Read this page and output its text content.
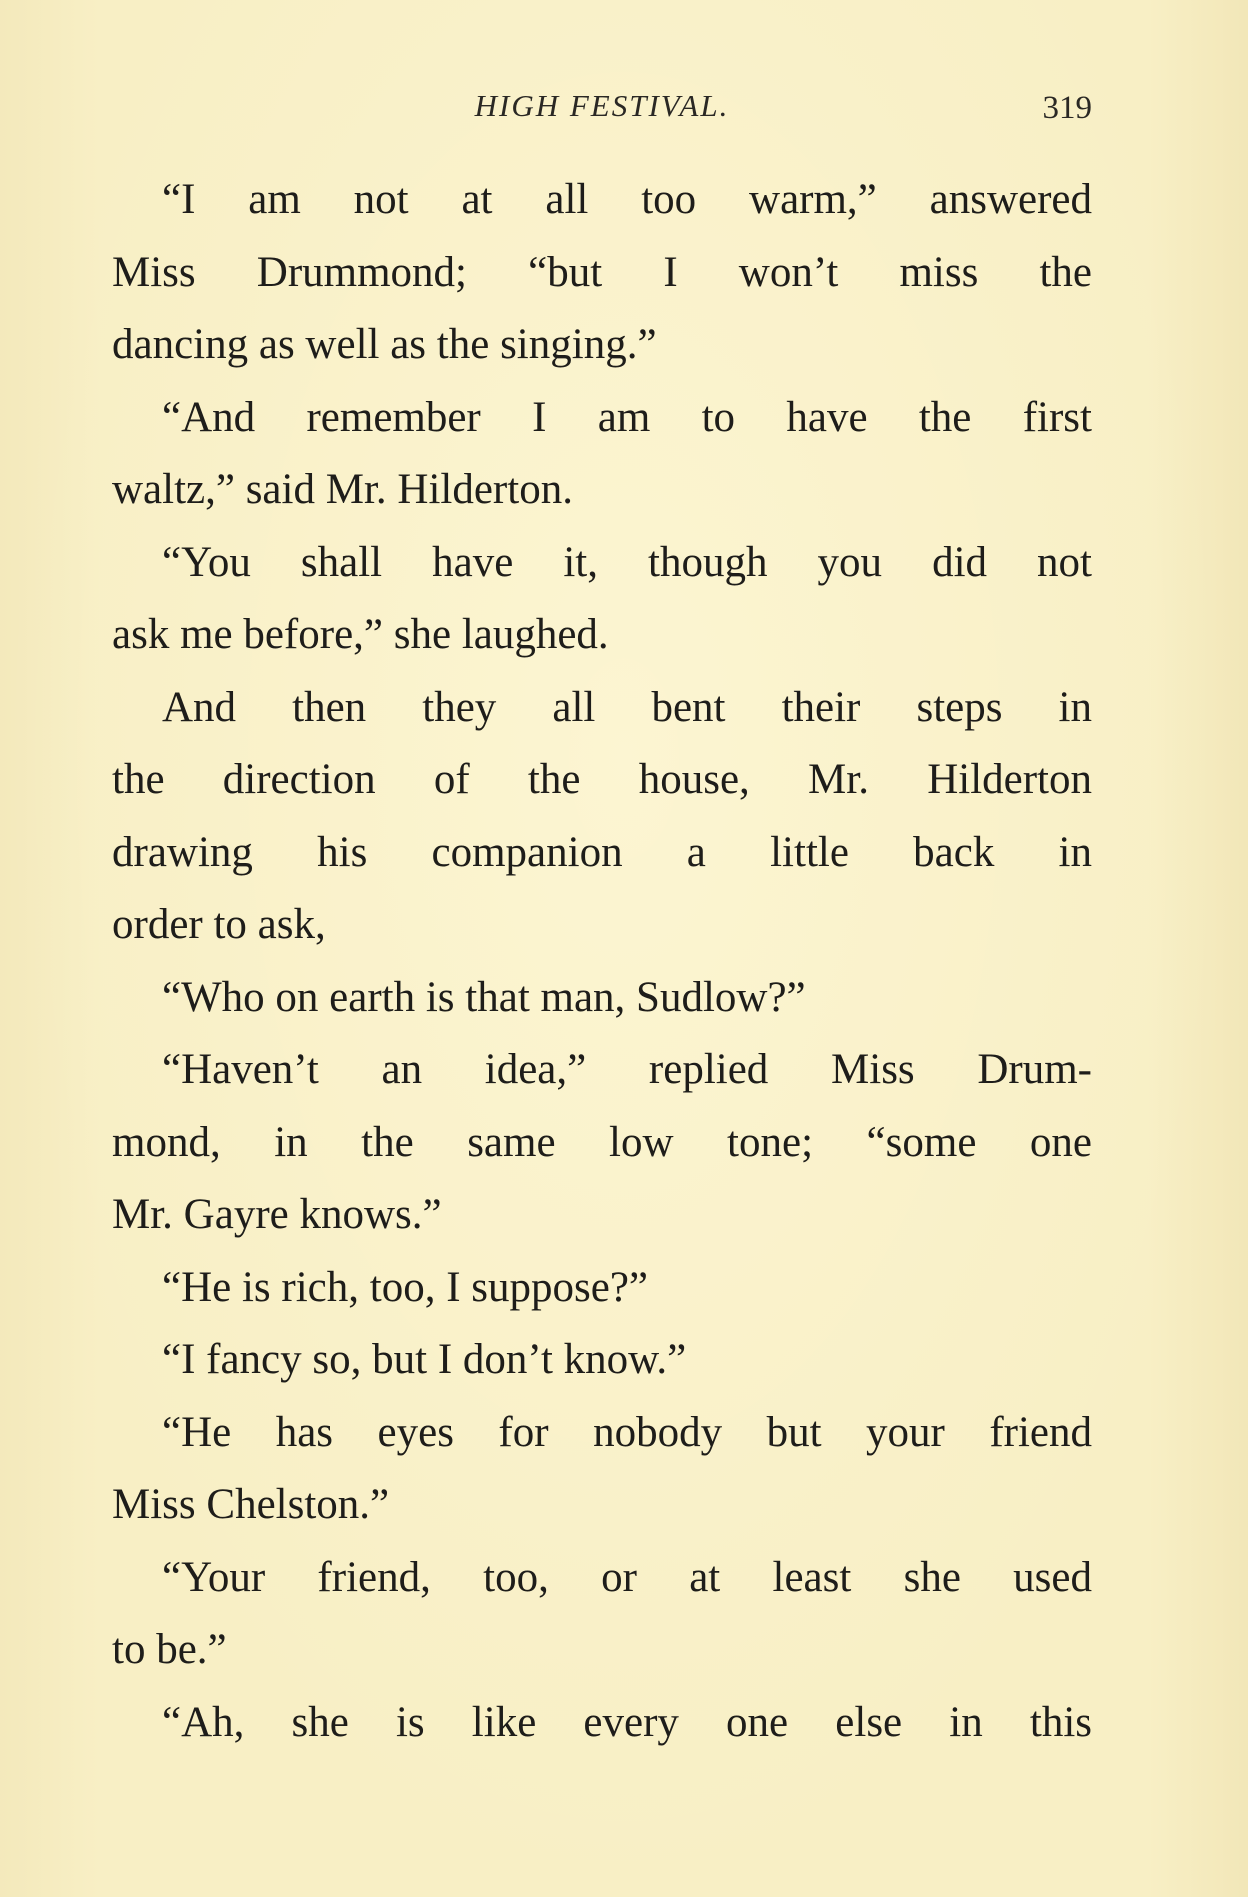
HIGH FESTIVAL.	319
“I am not at all too warm,” answered
Miss Drummond; “but I won’t miss the
dancing as well as the singing.”
“And remember I am to have the first
waltz,” said Mr. Hilderton.
“You shall have it, though you did not
ask me before,” she laughed.
And then they all bent their steps in
the direction of the house, Mr. Hilderton
drawing his companion a little back in
order to ask,
“Who on earth is that man, Sudlow?”
“Haven’t an idea,” replied Miss Drum-
mond, in the same low tone; “some one
Mr. Gayre knows.”
“He is rich, too, I suppose?”
“I fancy so, but I don’t know.”
“He has eyes for nobody but your friend
Miss Chelston.”
“Your friend, too, or at least she used
to be.”
“Ah, she is like every one else in this
